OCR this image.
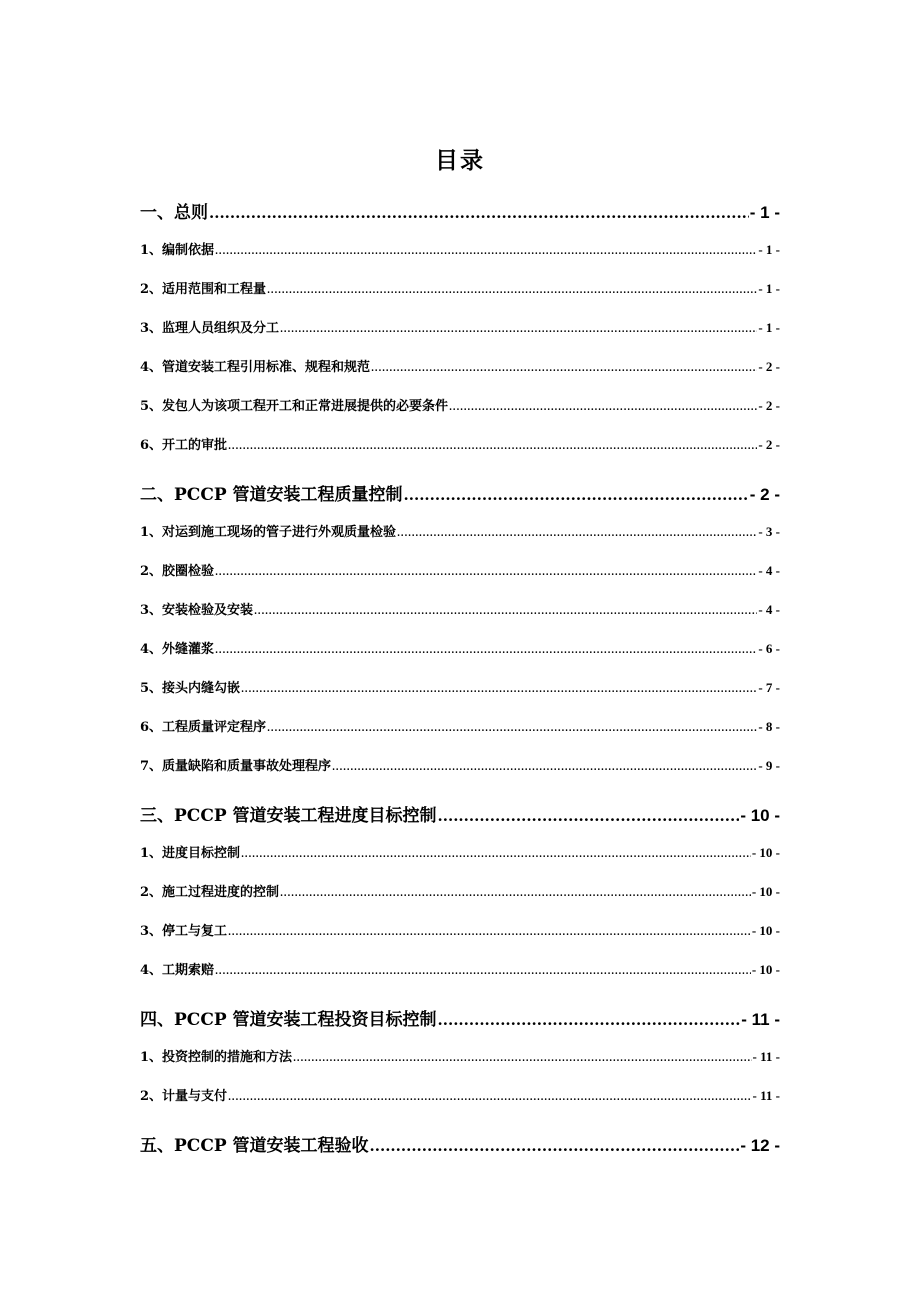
目录
一、总则 .....	- 1 -
1、编制依据 .....	- 1 -
2、适用范围和工程量 .....	- 1 -
3、监理人员组织及分工 .....	- 1 -
4、管道安装工程引用标准、规程和规范 .....	- 2 -
5、发包人为该项工程开工和正常进展提供的必要条件 .....	- 2 -
6、开工的审批 .....	- 2 -
二、PCCP 管道安装工程质量控制 .....	- 2 -
1、对运到施工现场的管子进行外观质量检验 .....	- 3 -
2、胶圈检验 .....	- 4 -
3、安装检验及安装 .....	- 4 -
4、外缝灌浆 .....	- 6 -
5、接头内缝勾嵌 .....	- 7 -
6、工程质量评定程序 .....	- 8 -
7、质量缺陷和质量事故处理程序 .....	- 9 -
三、PCCP 管道安装工程进度目标控制 .....	- 10 -
1、进度目标控制 .....	- 10 -
2、施工过程进度的控制 .....	- 10 -
3、停工与复工 .....	- 10 -
4、工期索赔 .....	- 10 -
四、PCCP 管道安装工程投资目标控制 .....	- 11 -
1、投资控制的措施和方法 .....	- 11 -
2、计量与支付 .....	- 11 -
五、PCCP 管道安装工程验收 .....	- 12 -
